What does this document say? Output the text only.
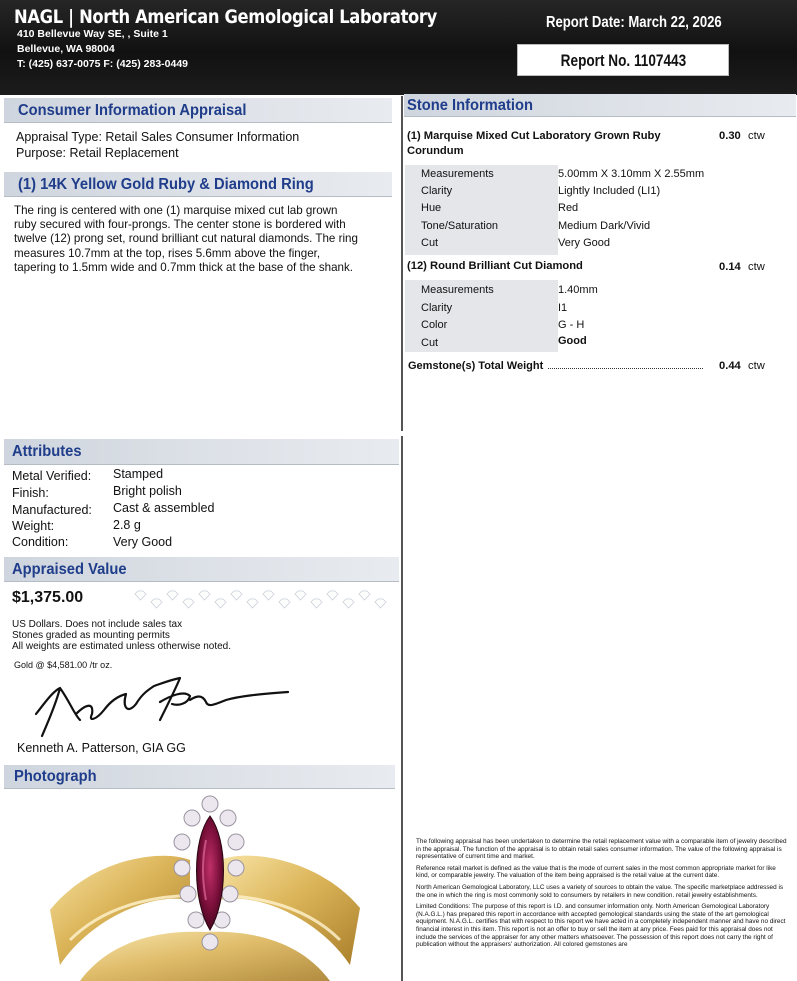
NAGL | North American Gemological Laboratory
410 Bellevue Way SE, , Suite 1
Bellevue, WA 98004
T: (425) 637-0075 F: (425) 283-0449
Report Date: March 22, 2026
Report No. 1107443
Consumer Information Appraisal
Appraisal Type: Retail Sales Consumer Information
Purpose: Retail Replacement
(1) 14K Yellow Gold Ruby & Diamond Ring
The ring is centered with one (1) marquise mixed cut lab grown
ruby secured with four-prongs. The center stone is bordered with
twelve (12) prong set, round brilliant cut natural diamonds. The ring
measures 10.7mm at the top, rises 5.6mm above the finger,
tapering to 1.5mm wide and 0.7mm thick at the base of the shank.
Stone Information
(1) Marquise Mixed Cut Laboratory Grown Ruby
Corundum
0.30 ctw
Measurements	5.00mm X 3.10mm X 2.55mm
Clarity	Lightly Included (LI1)
Hue	Red
Tone/Saturation	Medium Dark/Vivid
Cut	Very Good
(12) Round Brilliant Cut Diamond	0.14 ctw
Measurements	1.40mm
Clarity	I1
Color	G - H
Cut	Good
Gemstone(s) Total Weight	0.44 ctw
Attributes
Metal Verified: Stamped
Finish:	Bright polish
Manufactured: Cast & assembled
Weight:	2.8 g
Condition:	Very Good
Appraised Value
$1,375.00
US Dollars. Does not include sales tax
Stones graded as mounting permits
All weights are estimated unless otherwise noted.
Gold @ $4,581.00 /tr oz.
Kenneth A. Patterson, GIA GG
Photograph

The following appraisal has been undertaken to determine the retail replacement value with a comparable item of jewelry described in the appraisal. The function of the appraisal is to obtain retail sales consumer information. The value of the following appraisal is representative of current time and market.

Reference retail market is defined as the value that is the mode of current sales in the most common appropriate market for like kind, or comparable jewelry. The valuation of the item being appraised is the retail value at the current date.

North American Gemological Laboratory, LLC uses a variety of sources to obtain the value. The specific marketplace addressed is the one in which the ring is most commonly sold to consumers by retailers in new condition. retail jewelry establishments.

Limited Conditions: The purpose of this report is I.D. and consumer information only. North American Gemological Laboratory (N.A.G.L.) has prepared this report in accordance with accepted gemological standards using the state of the art gemological equipment. N.A.G.L. certifies that with respect to this report we have acted in a completely independent manner and have no direct financial interest in this item. This report is not an offer to buy or sell the item at any price. Fees paid for this appraisal does not include the services of the appraiser for any other matters whatsoever. The possession of this report does not carry the right of publication without the appraisers' authorization. All colored gemstones are
